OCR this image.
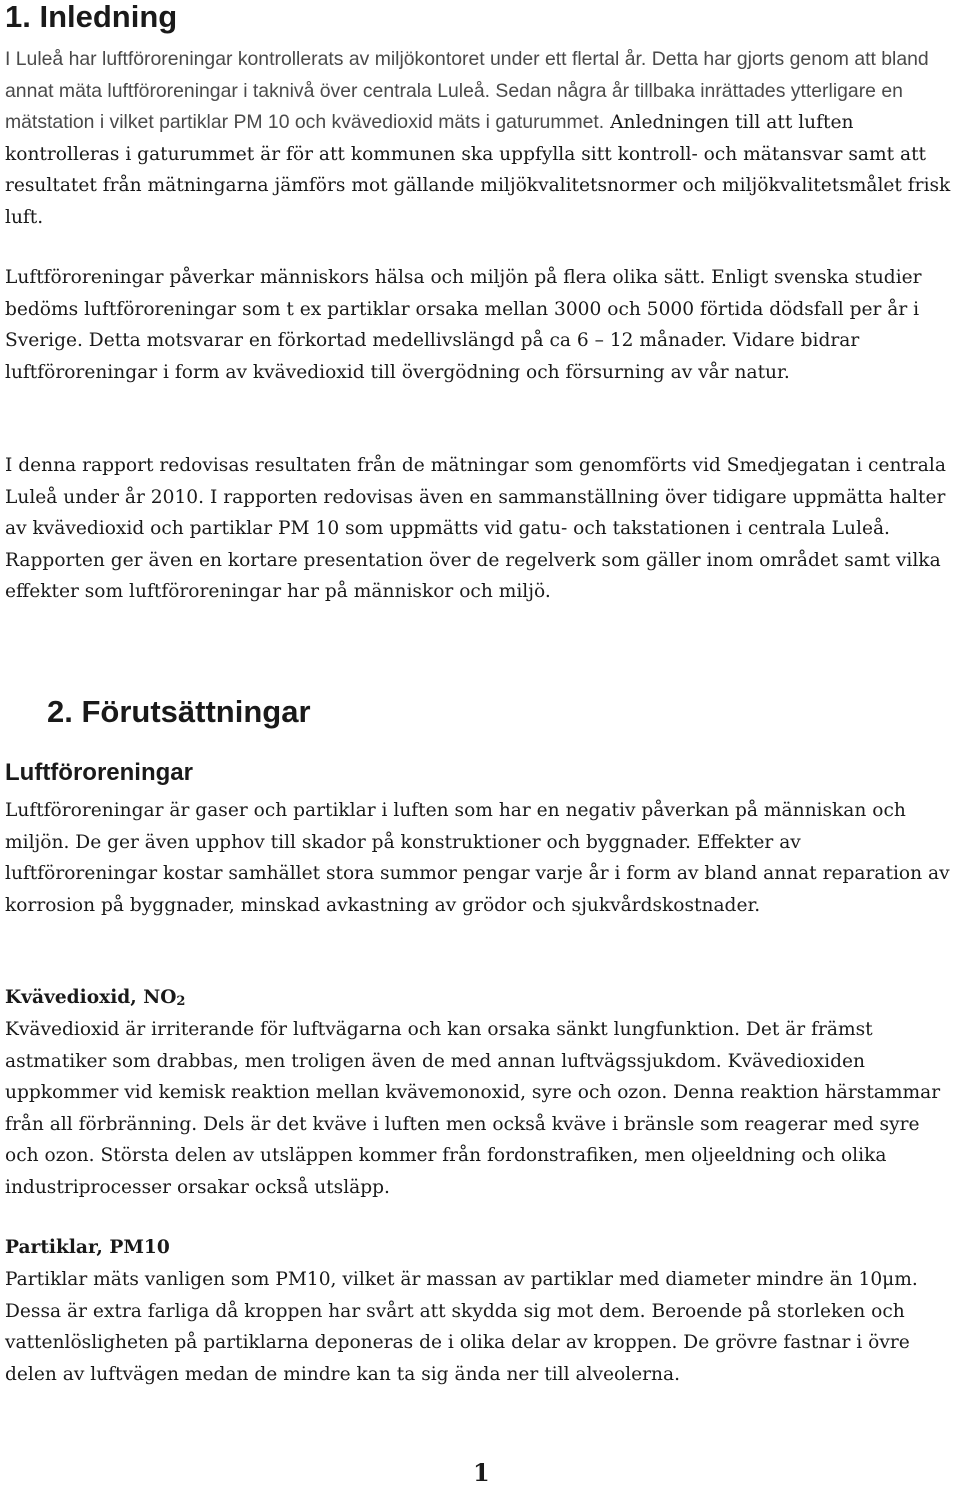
1. Inledning

I Luleå har luftföroreningar kontrollerats av miljökontoret under ett flertal år. Detta har gjorts genom att bland annat mäta luftföroreningar i taknivå över centrala Luleå. Sedan några år tillbaka inrättades ytterligare en mätstation i vilket partiklar PM 10 och kvävedioxid mäts i gaturummet. Anledningen till att luften kontrolleras i gaturummet är för att kommunen ska uppfylla sitt kontroll- och mätansvar samt att resultatet från mätningarna jämförs mot gällande miljökvalitetsnormer och miljökvalitetsmålet frisk luft.

Luftföroreningar påverkar människors hälsa och miljön på flera olika sätt. Enligt svenska studier bedöms luftföroreningar som t ex partiklar orsaka mellan 3000 och 5000 förtida dödsfall per år i Sverige. Detta motsvarar en förkortad medellivslängd på ca 6 – 12 månader. Vidare bidrar luftföroreningar i form av kvävedioxid till övergödning och försurning av vår natur.

I denna rapport redovisas resultaten från de mätningar som genomförts vid Smedjegatan i centrala Luleå under år 2010. I rapporten redovisas även en sammanställning över tidigare uppmätta halter av kvävedioxid och partiklar PM 10 som uppmätts vid gatu- och takstationen i centrala Luleå. Rapporten ger även en kortare presentation över de regelverk som gäller inom området samt vilka effekter som luftföroreningar har på människor och miljö.

2. Förutsättningar
Luftföroreningar

Luftföroreningar är gaser och partiklar i luften som har en negativ påverkan på människan och miljön. De ger även upphov till skador på konstruktioner och byggnader. Effekter av luftföroreningar kostar samhället stora summor pengar varje år i form av bland annat reparation av korrosion på byggnader, minskad avkastning av grödor och sjukvårdskostnader.

Kvävedioxid, NO2

Kvävedioxid är irriterande för luftvägarna och kan orsaka sänkt lungfunktion. Det är främst astmatiker som drabbas, men troligen även de med annan luftvägssjukdom. Kvävedioxiden uppkommer vid kemisk reaktion mellan kvävemonoxid, syre och ozon. Denna reaktion härstammar från all förbränning. Dels är det kväve i luften men också kväve i bränsle som reagerar med syre och ozon. Största delen av utsläppen kommer från fordonstrafiken, men oljeeldning och olika industriprocesser orsakar också utsläpp.

Partiklar, PM10

Partiklar mäts vanligen som PM10, vilket är massan av partiklar med diameter mindre än 10μm. Dessa är extra farliga då kroppen har svårt att skydda sig mot dem. Beroende på storleken och vattenlösligheten på partiklarna deponeras de i olika delar av kroppen. De grövre fastnar i övre delen av luftvägen medan de mindre kan ta sig ända ner till alveolerna.

1
